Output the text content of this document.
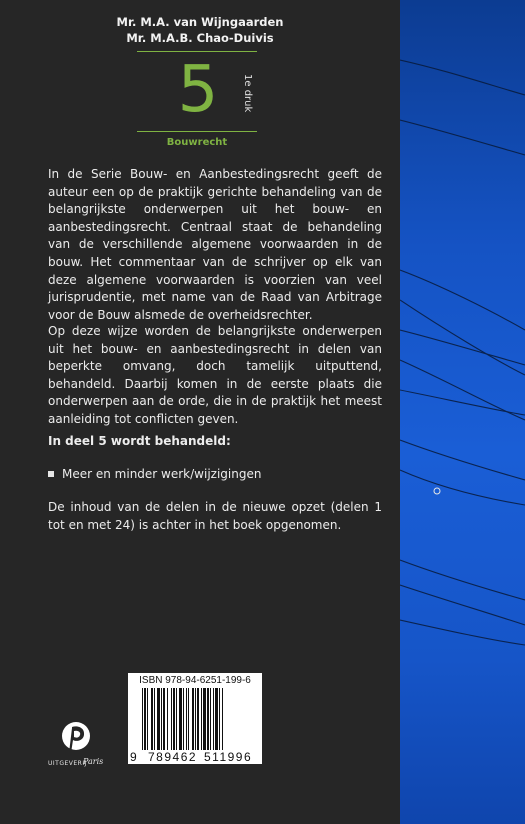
Mr. M.A. van Wijngaarden
Mr. M.A.B. Chao-Duivis
5	1e druk
Bouwrecht

In de Serie Bouw- en Aanbestedingsrecht geeft de auteur een op de praktijk gerichte behandeling van de belangrijkste onderwerpen uit het bouw- en aanbestedingsrecht. Centraal staat de behandeling van de verschillende algemene voorwaarden in de bouw. Het commentaar van de schrijver op elk van deze algemene voorwaarden is voorzien van veel jurisprudentie, met name van de Raad van Arbitrage voor de Bouw alsmede de overheidsrechter.

Op deze wijze worden de belangrijkste onderwerpen uit het bouw- en aanbestedingsrecht in delen van beperkte omvang, doch tamelijk uitputtend, behandeld. Daarbij komen in de eerste plaats die onderwerpen aan de orde, die in de praktijk het meest aanleiding tot conflicten geven.

In deel 5 wordt behandeld:

Meer en minder werk/wijzigingen

De inhoud van de delen in de nieuwe opzet (delen 1 tot en met 24) is achter in het boek opgenomen.

ISBN 978-94-6251-199-6
9 789462 511996
UITGEVERIJ
Paris
